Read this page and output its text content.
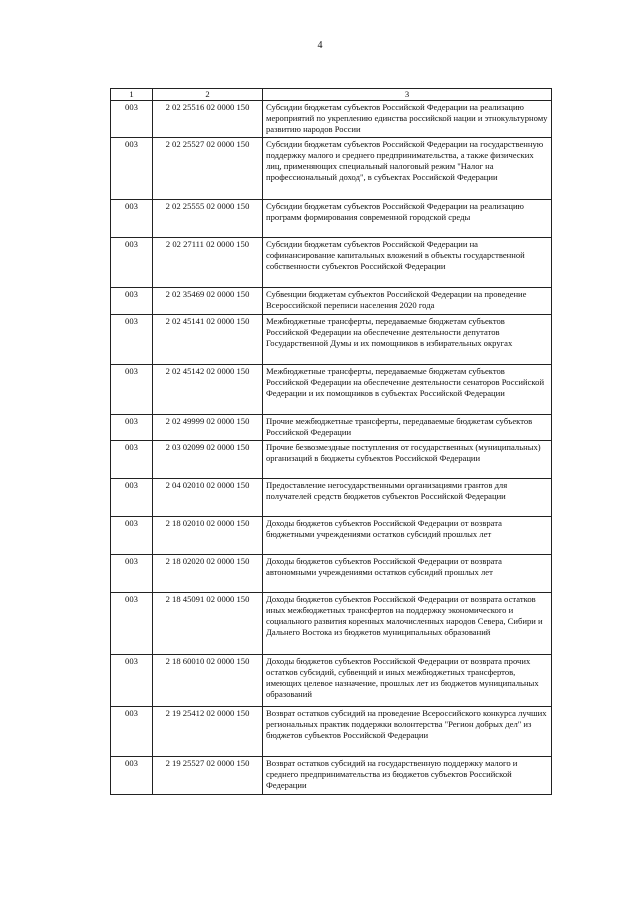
4
1	2	3
003	2 02 25516 02 0000 150	Субсидии бюджетам субъектов Российской Федерации на реализацию мероприятий по укреплению единства российской нации и этнокультурному развитию народов России
003	2 02 25527 02 0000 150	Субсидии бюджетам субъектов Российской Федерации на государственную поддержку малого и среднего предпринимательства, а также физических лиц, применяющих специальный налоговый режим "Налог на профессиональный доход", в субъектах Российской Федерации
003	2 02 25555 02 0000 150	Субсидии бюджетам субъектов Российской Федерации на реализацию программ формирования современной городской среды
003	2 02 27111 02 0000 150	Субсидии бюджетам субъектов Российской Федерации на софинансирование капитальных вложений в объекты государственной собственности субъектов Российской Федерации
003	2 02 35469 02 0000 150	Субвенции бюджетам субъектов Российской Федерации на проведение Всероссийской переписи населения 2020 года
003	2 02 45141 02 0000 150	Межбюджетные трансферты, передаваемые бюджетам субъектов Российской Федерации на обеспечение деятельности депутатов Государственной Думы и их помощников в избирательных округах
003	2 02 45142 02 0000 150	Межбюджетные трансферты, передаваемые бюджетам субъектов Российской Федерации на обеспечение деятельности сенаторов Российской Федерации и их помощников в субъектах Российской Федерации
003	2 02 49999 02 0000 150	Прочие межбюджетные трансферты, передаваемые бюджетам субъектов Российской Федерации
003	2 03 02099 02 0000 150	Прочие безвозмездные поступления от государственных (муниципальных) организаций в бюджеты субъектов Российской Федерации
003	2 04 02010 02 0000 150	Предоставление негосударственными организациями грантов для получателей средств бюджетов субъектов Российской Федерации
003	2 18 02010 02 0000 150	Доходы бюджетов субъектов Российской Федерации от возврата бюджетными учреждениями остатков субсидий прошлых лет
003	2 18 02020 02 0000 150	Доходы бюджетов субъектов Российской Федерации от возврата автономными учреждениями остатков субсидий прошлых лет
003	2 18 45091 02 0000 150	Доходы бюджетов субъектов Российской Федерации от возврата остатков иных межбюджетных трансфертов на поддержку экономического и социального развития коренных малочисленных народов Севера, Сибири и Дальнего Востока из бюджетов муниципальных образований
003	2 18 60010 02 0000 150	Доходы бюджетов субъектов Российской Федерации от возврата прочих остатков субсидий, субвенций и иных межбюджетных трансфертов, имеющих целевое назначение, прошлых лет из бюджетов муниципальных образований
003	2 19 25412 02 0000 150	Возврат остатков субсидий на проведение Всероссийского конкурса лучших региональных практик поддержки волонтерства "Регион добрых дел" из бюджетов субъектов Российской Федерации
003	2 19 25527 02 0000 150	Возврат остатков субсидий на государственную поддержку малого и среднего предпринимательства из бюджетов субъектов Российской Федерации
